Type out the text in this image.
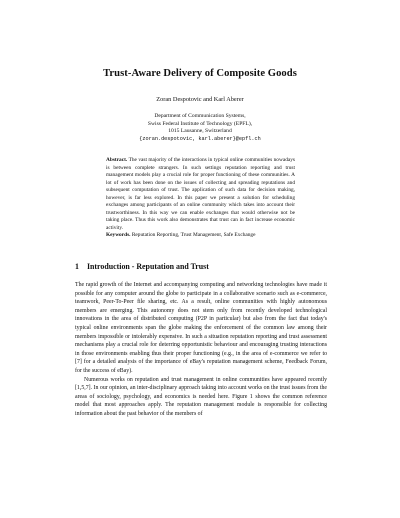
Trust-Aware Delivery of Composite Goods
Zoran Despotovic and Karl Aberer
Department of Communication Systems,
Swiss Federal Institute of Technology (EPFL),
1015 Lausanne, Switzerland
{zoran.despotovic, karl.aberer}@epfl.ch
Abstract. The vast majority of the interactions in typical online communities nowadays is between complete strangers. In such settings reputation reporting and trust management models play a crucial role for proper functioning of these communities. A lot of work has been done on the issues of collecting and spreading reputations and subsequent computation of trust. The application of such data for decision making, however, is far less explored. In this paper we present a solution for scheduling exchanges among participants of an online community which takes into account their trustworthiness. In this way we can enable exchanges that would otherwise not be taking place. Thus this work also demonstrates that trust can in fact increase economic activity.
Keywords. Reputation Reporting, Trust Management, Safe Exchange
1 Introduction - Reputation and Trust

The rapid growth of the Internet and accompanying computing and networking technologies have made it possible for any computer around the globe to participate in a collaborative scenario such as e-commerce, teamwork, Peer-To-Peer file sharing, etc. As a result, online communities with highly autonomous members are emerging. This autonomy does not stem only from recently developed technological innovations in the area of distributed computing (P2P in particular) but also from the fact that today's typical online environments span the globe making the enforcement of the common law among their members impossible or intolerably expensive. In such a situation reputation reporting and trust assessment mechanisms play a crucial role for deterring opportunistic behaviour and encouraging trusting interactions in those environments enabling thus their proper functioning (e.g., in the area of e-commerce we refer to [7] for a detailed analysis of the importance of eBay's reputation management scheme, Feedback Forum, for the success of eBay).

Numerous works on reputation and trust management in online communities have appeared recently [1,5,7]. In our opinion, an inter-disciplinary approach taking into account works on the trust issues from the areas of sociology, psychology, and economics is needed here. Figure 1 shows the common reference model that most approaches apply. The reputation management module is responsible for collecting information about the past behavior of the members of
